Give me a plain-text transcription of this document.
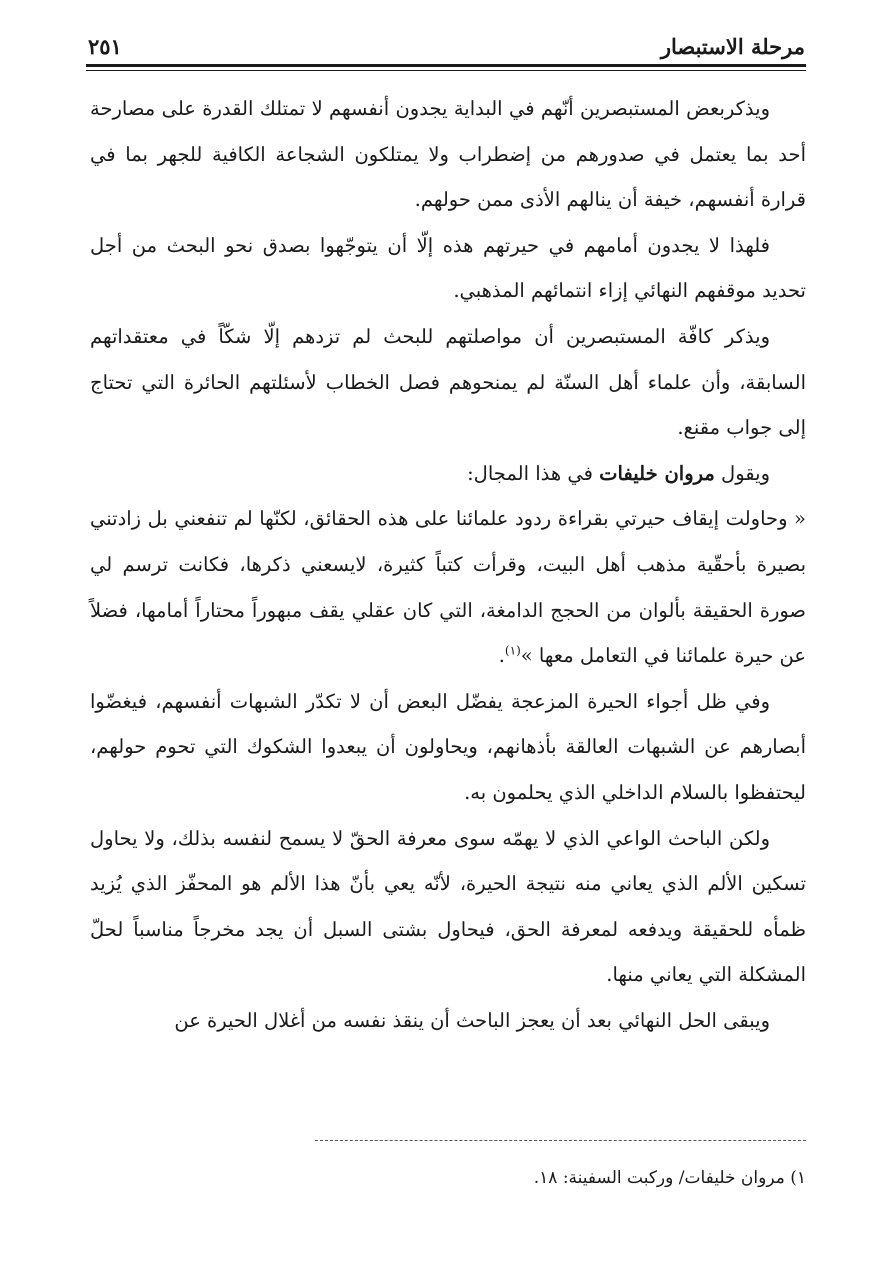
مرحلة الاستبصار
٢٥١

ويذكربعض المستبصرين أنّهم في البداية يجدون أنفسهم لا تمتلك القدرة على مصارحة أحد بما يعتمل في صدورهم من إضطراب ولا يمتلكون الشجاعة الكافية للجهر بما في قرارة أنفسهم، خيفة أن ينالهم الأذى ممن حولهم.

فلهذا لا يجدون أمامهم في حيرتهم هذه إلّا أن يتوجّهوا بصدق نحو البحث من أجل تحديد موقفهم النهائي إزاء انتمائهم المذهبي.

ويذكر كافّة المستبصرين أن مواصلتهم للبحث لم تزدهم إلّا شكّاً في معتقداتهم السابقة، وأن علماء أهل السنّة لم يمنحوهم فصل الخطاب لأسئلتهم الحائرة التي تحتاج إلى جواب مقنع.

ويقول مروان خليفات في هذا المجال:

« وحاولت إيقاف حيرتي بقراءة ردود علمائنا على هذه الحقائق، لكنّها لم تنفعني بل زادتني بصيرة بأحقّية مذهب أهل البيت، وقرأت كتباً كثيرة، لايسعني ذكرها، فكانت ترسم لي صورة الحقيقة بألوان من الحجج الدامغة، التي كان عقلي يقف مبهوراً محتاراً أمامها، فضلاً عن حيرة علمائنا في التعامل معها »$^{(١)}$.

وفي ظل أجواء الحيرة المزعجة يفضّل البعض أن لا تكدّر الشبهات أنفسهم، فيغضّوا أبصارهم عن الشبهات العالقة بأذهانهم، ويحاولون أن يبعدوا الشكوك التي تحوم حولهم، ليحتفظوا بالسلام الداخلي الذي يحلمون به.

ولكن الباحث الواعي الذي لا يهمّه سوى معرفة الحقّ لا يسمح لنفسه بذلك، ولا يحاول تسكين الألم الذي يعاني منه نتيجة الحيرة، لأنّه يعي بأنّ هذا الألم هو المحفّز الذي يُزيد ظمأه للحقيقة ويدفعه لمعرفة الحق، فيحاول بشتى السبل أن يجد مخرجاً مناسباً لحلّ المشكلة التي يعاني منها.

ويبقى الحل النهائي بعد أن يعجز الباحث أن ينقذ نفسه من أغلال الحيرة عن

١) مروان خليفات/ وركبت السفينة: ١٨.
